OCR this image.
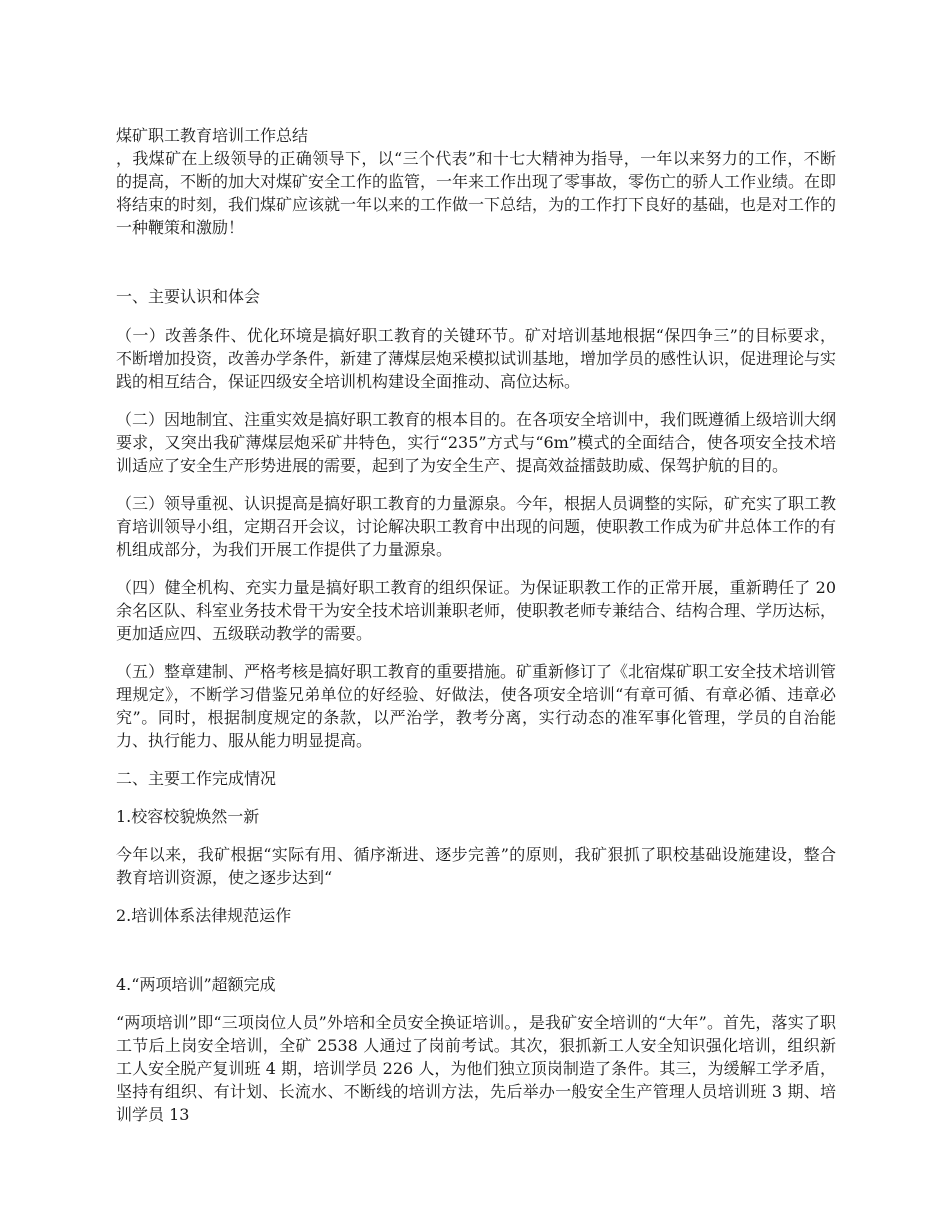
煤矿职工教育培训工作总结

，我煤矿在上级领导的正确领导下，以“三个代表”和十七大精神为指导，一年以来努力的工作，不断的提高，不断的加大对煤矿安全工作的监管，一年来工作出现了零事故，零伤亡的骄人工作业绩。在即将结束的时刻，我们煤矿应该就一年以来的工作做一下总结，为的工作打下良好的基础，也是对工作的一种鞭策和激励！

一、主要认识和体会

（一）改善条件、优化环境是搞好职工教育的关键环节。矿对培训基地根据“保四争三”的目标要求，不断增加投资，改善办学条件，新建了薄煤层炮采模拟试训基地，增加学员的感性认识，促进理论与实践的相互结合，保证四级安全培训机构建设全面推动、高位达标。

（二）因地制宜、注重实效是搞好职工教育的根本目的。在各项安全培训中，我们既遵循上级培训大纲要求，又突出我矿薄煤层炮采矿井特色，实行“235”方式与“6m”模式的全面结合，使各项安全技术培训适应了安全生产形势进展的需要，起到了为安全生产、提高效益擂鼓助威、保驾护航的目的。

（三）领导重视、认识提高是搞好职工教育的力量源泉。今年，根据人员调整的实际，矿充实了职工教育培训领导小组，定期召开会议，讨论解决职工教育中出现的问题，使职教工作成为矿井总体工作的有机组成部分，为我们开展工作提供了力量源泉。

（四）健全机构、充实力量是搞好职工教育的组织保证。为保证职教工作的正常开展，重新聘任了 20 余名区队、科室业务技术骨干为安全技术培训兼职老师，使职教老师专兼结合、结构合理、学历达标，更加适应四、五级联动教学的需要。

（五）整章建制、严格考核是搞好职工教育的重要措施。矿重新修订了《北宿煤矿职工安全技术培训管理规定》，不断学习借鉴兄弟单位的好经验、好做法，使各项安全培训“有章可循、有章必循、违章必究”。同时，根据制度规定的条款，以严治学，教考分离，实行动态的准军事化管理，学员的自治能力、执行能力、服从能力明显提高。

二、主要工作完成情况

1.校容校貌焕然一新

今年以来，我矿根据“实际有用、循序渐进、逐步完善”的原则，我矿狠抓了职校基础设施建设，整合教育培训资源，使之逐步达到“

2.培训体系法律规范运作

4.“两项培训”超额完成

“两项培训”即“三项岗位人员”外培和全员安全换证培训。，是我矿安全培训的“大年”。首先，落实了职工节后上岗安全培训，全矿 2538 人通过了岗前考试。其次，狠抓新工人安全知识强化培训，组织新工人安全脱产复训班 4 期，培训学员 226 人，为他们独立顶岗制造了条件。其三，为缓解工学矛盾，坚持有组织、有计划、长流水、不断线的培训方法，先后举办一般安全生产管理人员培训班 3 期、培训学员 13
